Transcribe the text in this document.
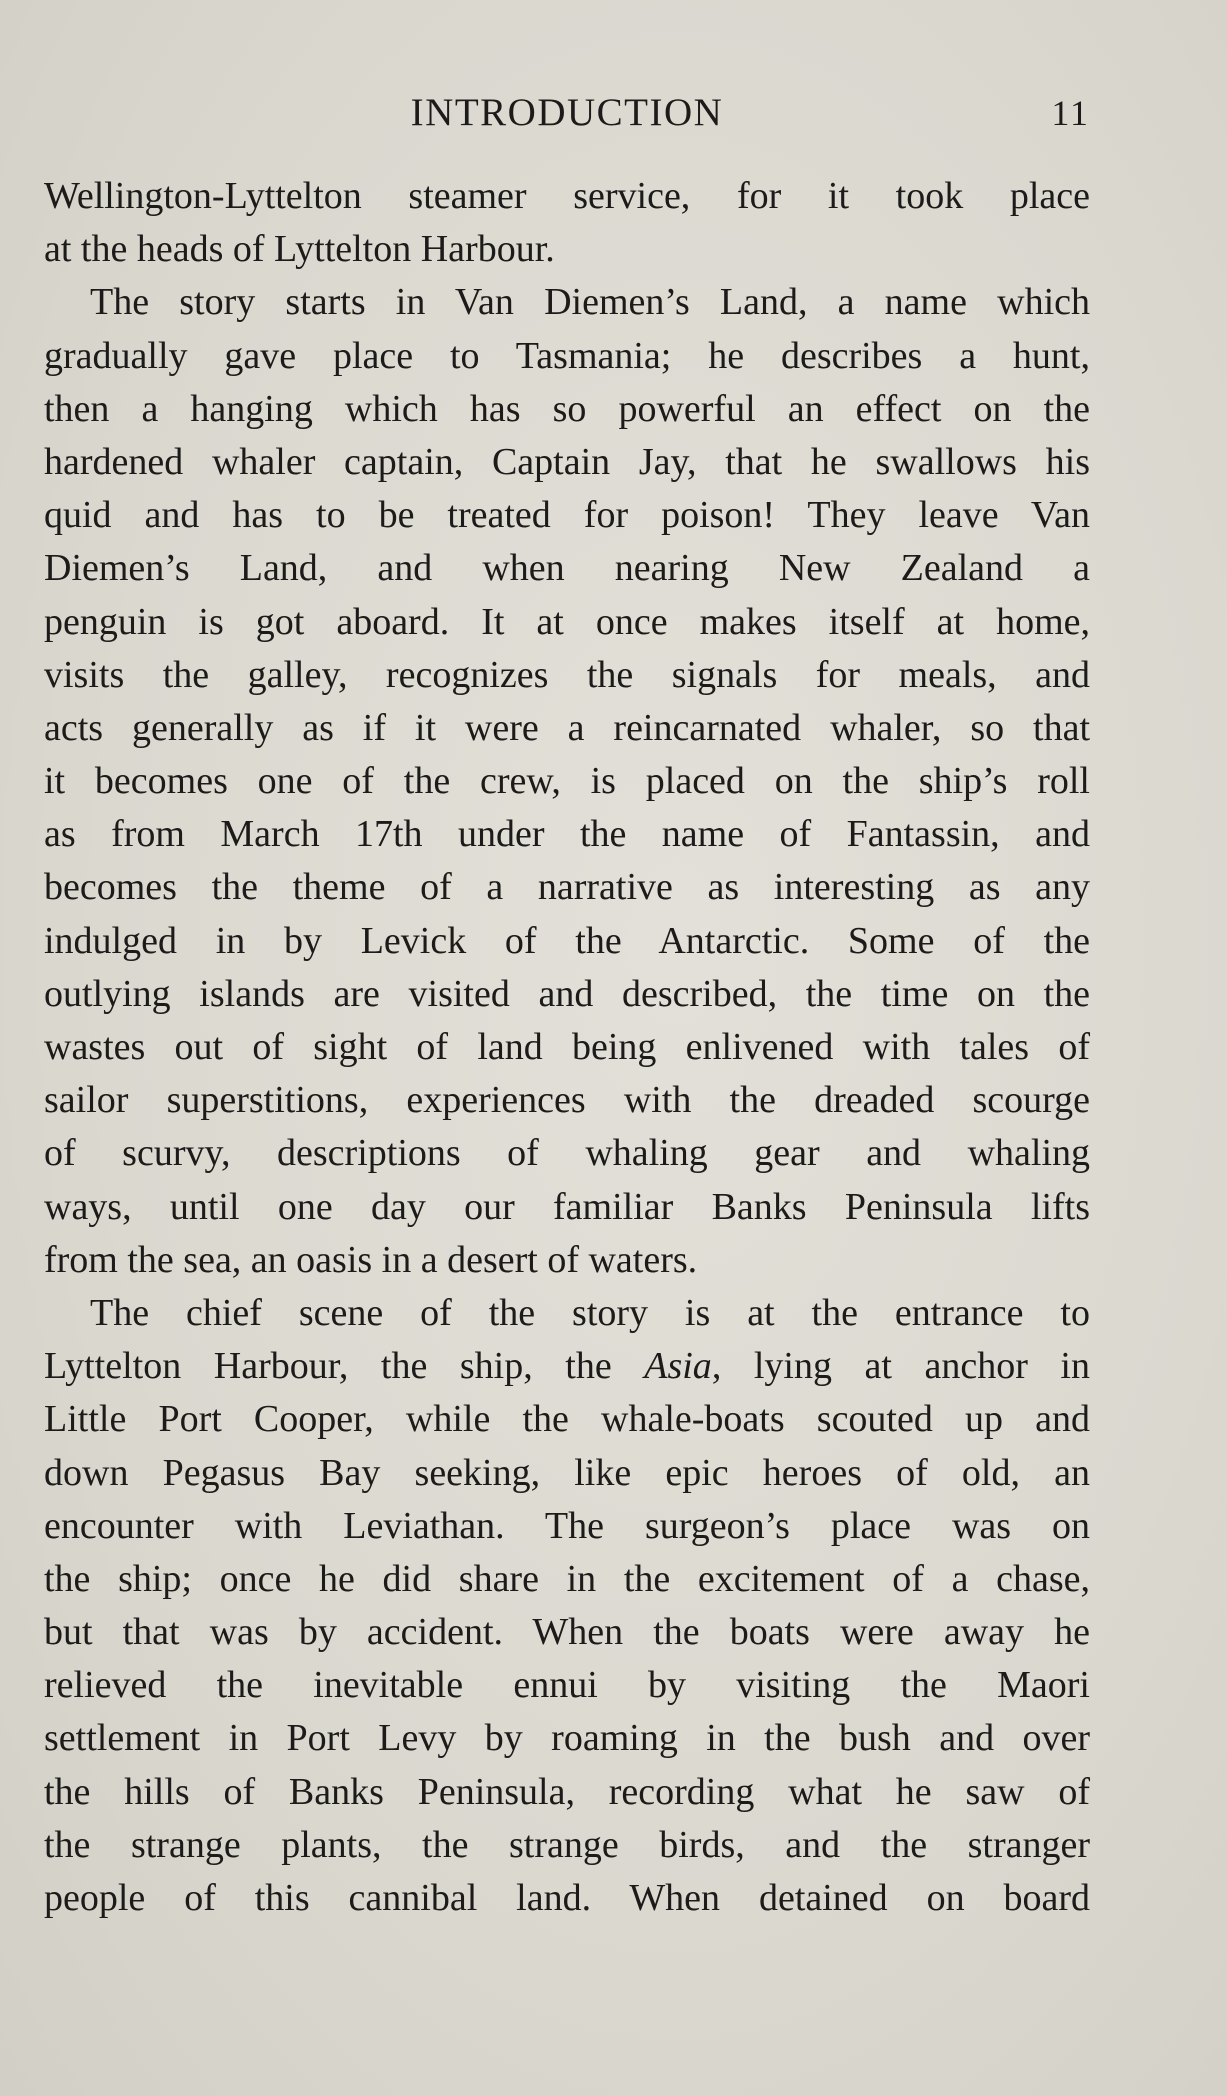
INTRODUCTION	11
Wellington-Lyttelton steamer service, for it took place
at the heads of Lyttelton Harbour.
The story starts in Van Diemen’s Land, a name which
gradually gave place to Tasmania; he describes a hunt,
then a hanging which has so powerful an effect on the
hardened whaler captain, Captain Jay, that he swallows his
quid and has to be treated for poison! They leave Van
Diemen’s Land, and when nearing New Zealand a
penguin is got aboard. It at once makes itself at home,
visits the galley, recognizes the signals for meals, and
acts generally as if it were a reincarnated whaler, so that
it becomes one of the crew, is placed on the ship’s roll
as from March 17th under the name of Fantassin, and
becomes the theme of a narrative as interesting as any
indulged in by Levick of the Antarctic. Some of the
outlying islands are visited and described, the time on the
wastes out of sight of land being enlivened with tales of
sailor superstitions, experiences with the dreaded scourge
of scurvy, descriptions of whaling gear and whaling
ways, until one day our familiar Banks Peninsula lifts
from the sea, an oasis in a desert of waters.
The chief scene of the story is at the entrance to
Lyttelton Harbour, the ship, the Asia, lying at anchor in
Little Port Cooper, while the whale-boats scouted up and
down Pegasus Bay seeking, like epic heroes of old, an
encounter with Leviathan. The surgeon’s place was on
the ship; once he did share in the excitement of a chase,
but that was by accident. When the boats were away he
relieved the inevitable ennui by visiting the Maori
settlement in Port Levy by roaming in the bush and over
the hills of Banks Peninsula, recording what he saw of
the strange plants, the strange birds, and the stranger
people of this cannibal land. When detained on board
